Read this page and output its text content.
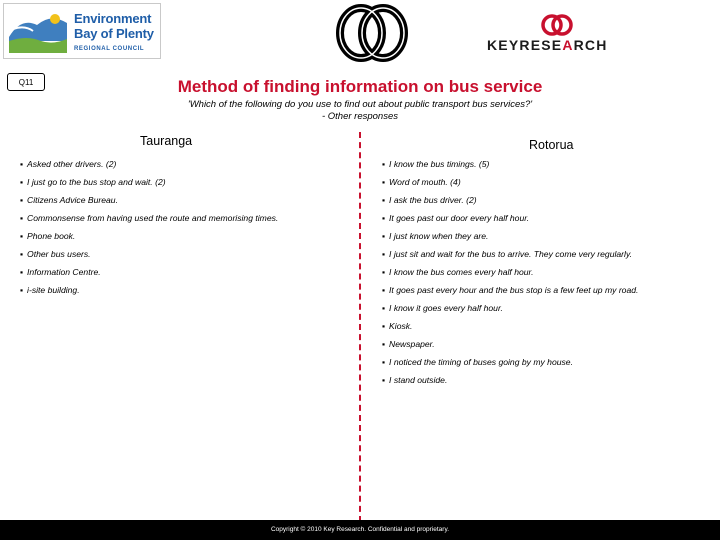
Environment
Bay of Plenty
REGIONAL COUNCIL	KEYRESEARCH
Q11	Method of finding information on bus service
'Which of the following do you use to find out about public transport bus services?'
- Other responses
Tauranga	Rotorua
▪ Asked other drivers. (2)
▪ I just go to the bus stop and wait. (2)
▪ Citizens Advice Bureau.
▪ Commonsense from having used the route and memorising times.
▪ Phone book.
▪ Other bus users.
▪ Information Centre.
▪ i-site building.
▪ I know the bus timings. (5)
▪ Word of mouth. (4)
▪ I ask the bus driver. (2)
▪ It goes past our door every half hour.
▪ I just know when they are.
▪ I just sit and wait for the bus to arrive. They come very regularly.
▪ I know the bus comes every half hour.
▪ It goes past every hour and the bus stop is a few feet up my road.
▪ I know it goes every half hour.
▪ Kiosk.
▪ Newspaper.
▪ I noticed the timing of buses going by my house.
▪ I stand outside.
Copyright © 2010 Key Research. Confidential and proprietary.
